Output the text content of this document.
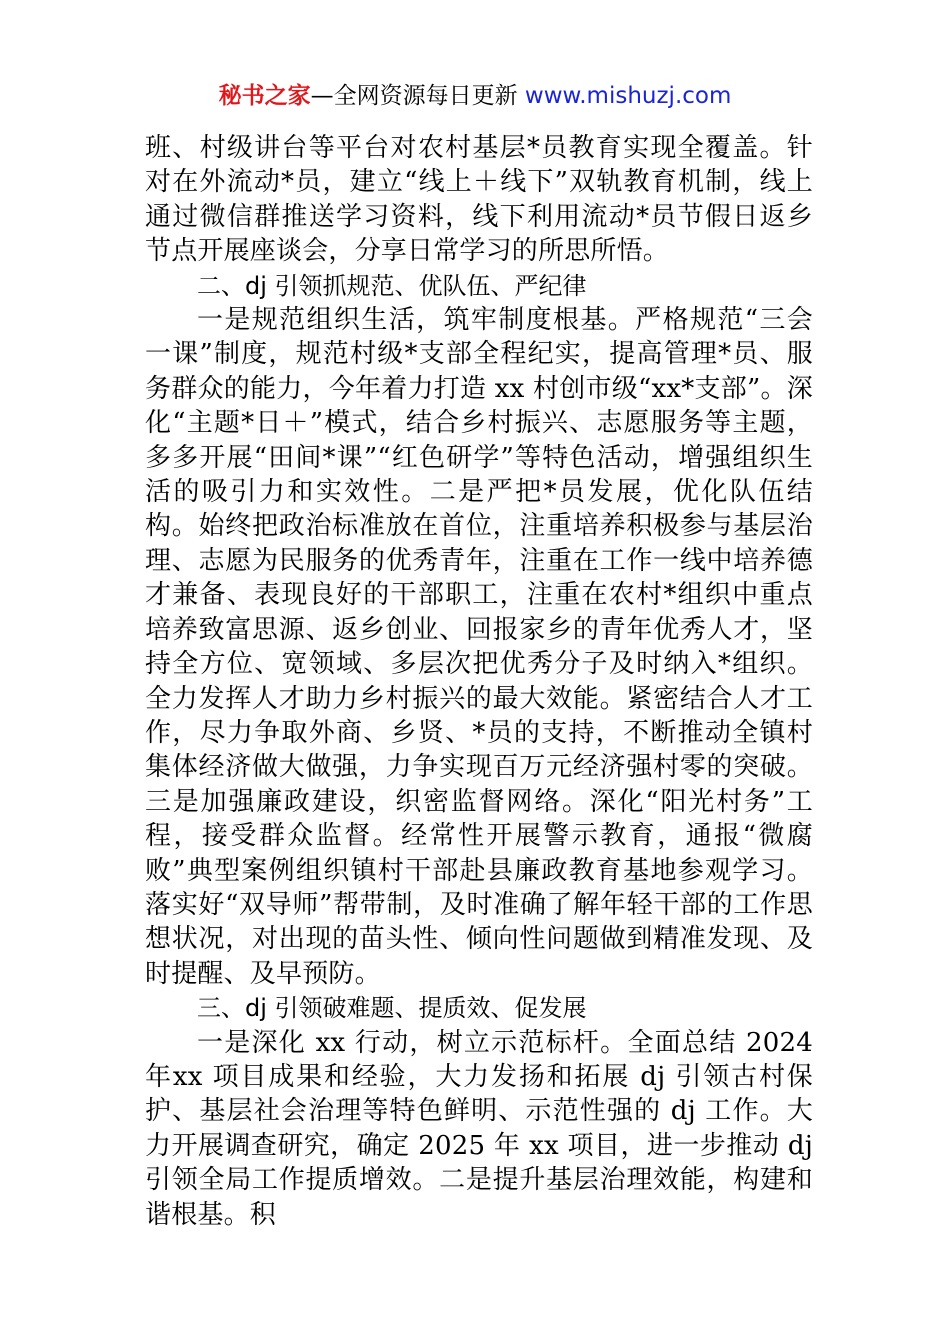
秘书之家—全网资源每日更新 www.mishuzj.com

班、村级讲台等平台对农村基层*员教育实现全覆盖。针对在外流动*员，建立“线上＋线下”双轨教育机制，线上通过微信群推送学习资料，线下利用流动*员节假日返乡节点开展座谈会，分享日常学习的所思所悟。

二、dj 引领抓规范、优队伍、严纪律

一是规范组织生活，筑牢制度根基。严格规范“三会一课”制度，规范村级*支部全程纪实，提高管理*员、服务群众的能力，今年着力打造 xx 村创市级“xx*支部”。深化“主题*日＋”模式，结合乡村振兴、志愿服务等主题，多多开展“田间*课”“红色研学”等特色活动，增强组织生活的吸引力和实效性。二是严把*员发展，优化队伍结构。始终把政治标准放在首位，注重培养积极参与基层治理、志愿为民服务的优秀青年，注重在工作一线中培养德才兼备、表现良好的干部职工，注重在农村*组织中重点培养致富思源、返乡创业、回报家乡的青年优秀人才，坚持全方位、宽领域、多层次把优秀分子及时纳入*组织。全力发挥人才助力乡村振兴的最大效能。紧密结合人才工作，尽力争取外商、乡贤、*员的支持，不断推动全镇村集体经济做大做强，力争实现百万元经济强村零的突破。三是加强廉政建设，织密监督网络。深化“阳光村务”工程，接受群众监督。经常性开展警示教育，通报“微腐败”典型案例组织镇村干部赴县廉政教育基地参观学习。落实好“双导师”帮带制，及时准确了解年轻干部的工作思想状况，对出现的苗头性、倾向性问题做到精准发现、及时提醒、及早预防。

三、dj 引领破难题、提质效、促发展

一是深化 xx 行动，树立示范标杆。全面总结 2024 年xx 项目成果和经验，大力发扬和拓展 dj 引领古村保护、基层社会治理等特色鲜明、示范性强的 dj 工作。大力开展调查研究，确定 2025 年 xx 项目，进一步推动 dj 引领全局工作提质增效。二是提升基层治理效能，构建和谐根基。积
